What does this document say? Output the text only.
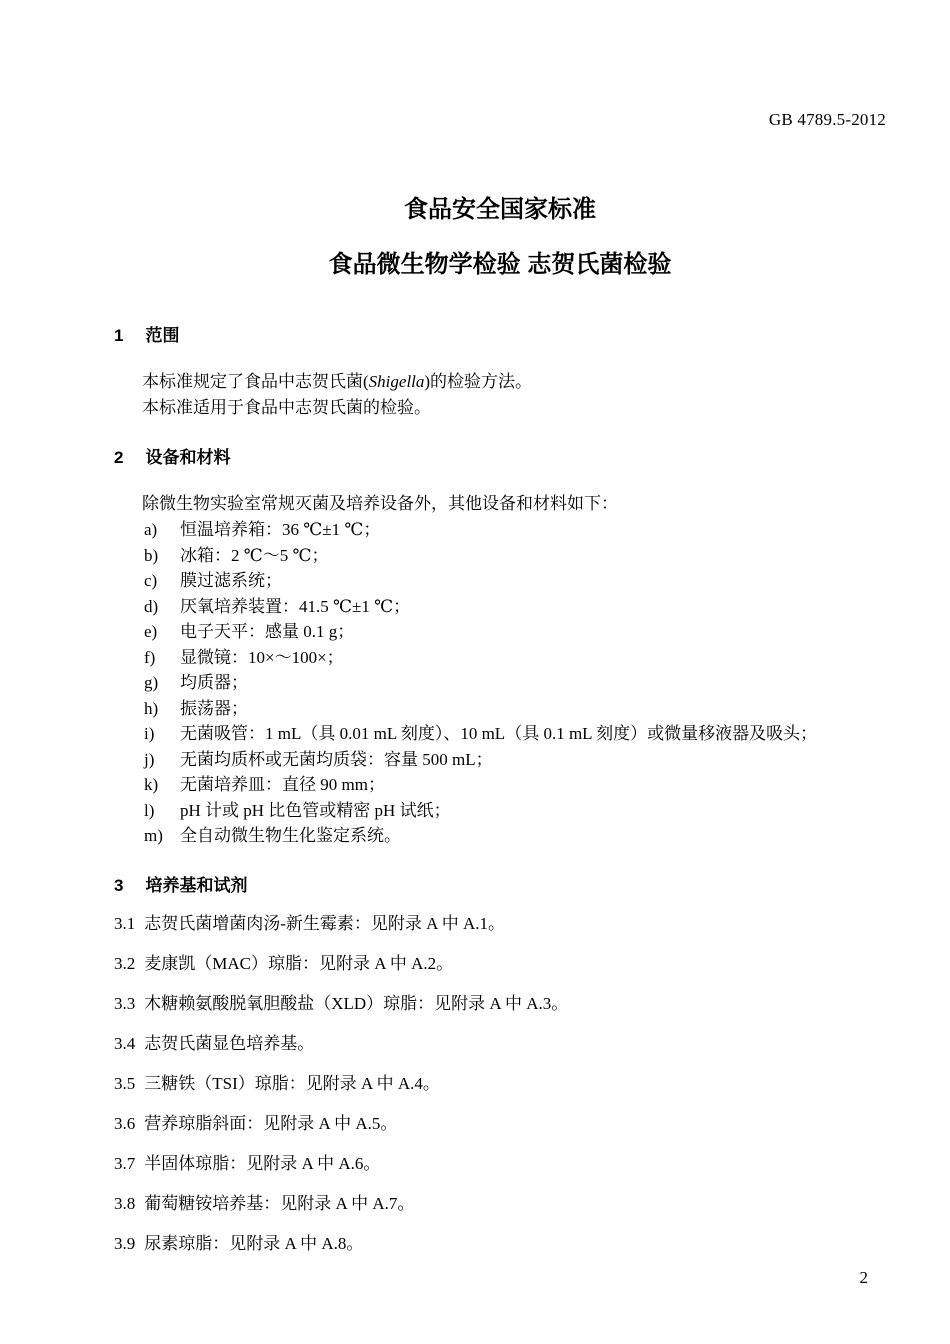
GB 4789.5-2012
食品安全国家标准
食品微生物学检验 志贺氏菌检验
1 范围
本标准规定了食品中志贺氏菌(Shigella)的检验方法。
本标准适用于食品中志贺氏菌的检验。
2 设备和材料
除微生物实验室常规灭菌及培养设备外，其他设备和材料如下：
a) 恒温培养箱：36 ℃±1 ℃；
b) 冰箱：2 ℃～5 ℃；
c) 膜过滤系统；
d) 厌氧培养装置：41.5 ℃±1 ℃；
e) 电子天平：感量 0.1 g；
f) 显微镜：10×～100×；
g) 均质器；
h) 振荡器；
i) 无菌吸管：1 mL（具 0.01 mL 刻度）、10 mL（具 0.1 mL 刻度）或微量移液器及吸头；
j) 无菌均质杯或无菌均质袋：容量 500 mL；
k) 无菌培养皿：直径 90 mm；
l) pH 计或 pH 比色管或精密 pH 试纸；
m) 全自动微生物生化鉴定系统。
3 培养基和试剂
3.1 志贺氏菌增菌肉汤-新生霉素：见附录 A 中 A.1。
3.2 麦康凯（MAC）琼脂：见附录 A 中 A.2。
3.3 木糖赖氨酸脱氧胆酸盐（XLD）琼脂：见附录 A 中 A.3。
3.4 志贺氏菌显色培养基。
3.5 三糖铁（TSI）琼脂：见附录 A 中 A.4。
3.6 营养琼脂斜面：见附录 A 中 A.5。
3.7 半固体琼脂：见附录 A 中 A.6。
3.8 葡萄糖铵培养基：见附录 A 中 A.7。
3.9 尿素琼脂：见附录 A 中 A.8。
2
